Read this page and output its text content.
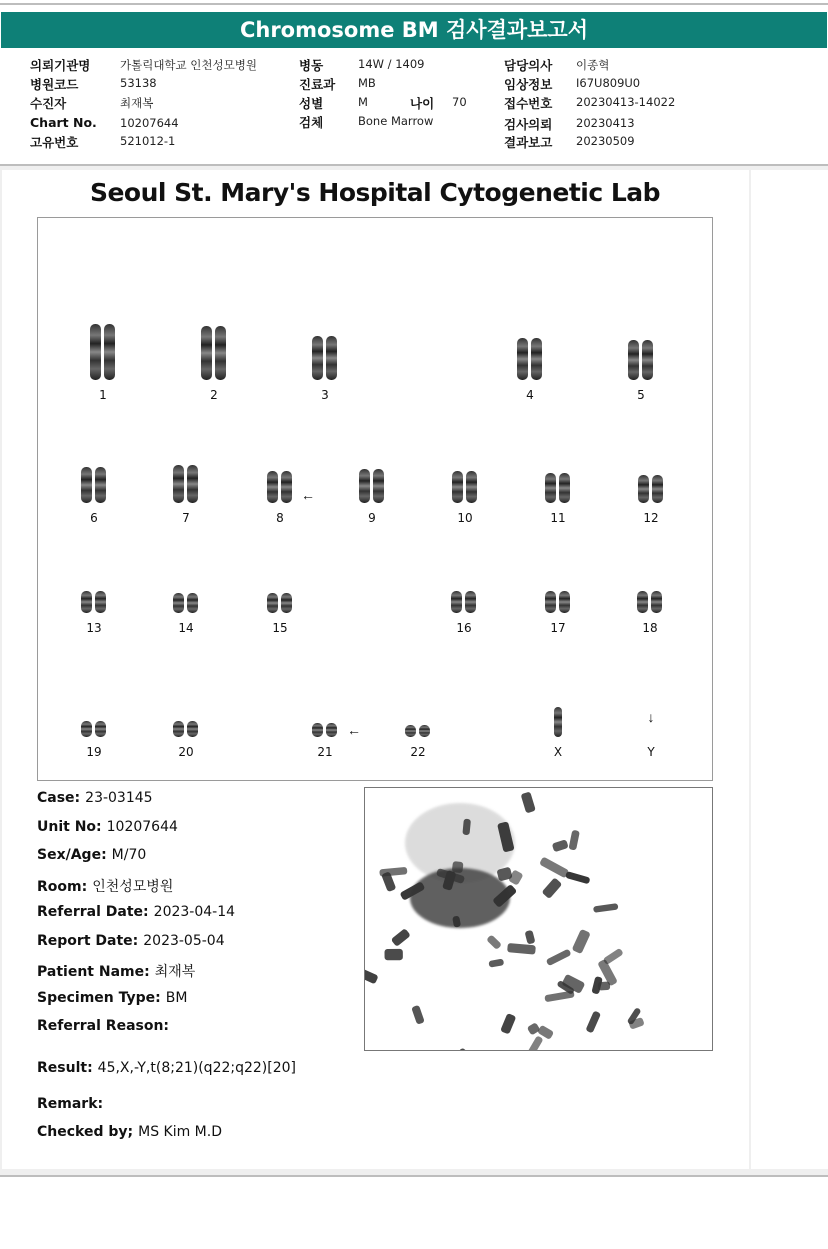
Chromosome BM 검사결과보고서
의뢰기관명	가톨릭대학교 인천성모병원
병원코드	53138
수진자	최재복
Chart No. 10207644
고유번호	521012-1
병동	14W / 1409
진료과 MB
성별	M
검체	Bone Marrow
나이 70
담당의사 이종혁
임상정보 I67U809U0
접수번호 20230413-14022
검사의뢰 20230413
결과보고 20230509
Seoul St. Mary's Hospital Cytogenetic Lab
1	2	3	4	5
6	7	8	9	10	11	12
13	14	15	16	17	18
19	20	21	22	X	Y
←
←
↓
Case: 23-03145
Unit No: 10207644
Sex/Age: M/70
Room: 인천성모병원
Referral Date: 2023-04-14
Report Date: 2023-05-04
Patient Name: 최재복
Specimen Type: BM
Referral Reason:
Result: 45,X,-Y,t(8;21)(q22;q22)[20]
Remark:
Checked by; MS Kim M.D
